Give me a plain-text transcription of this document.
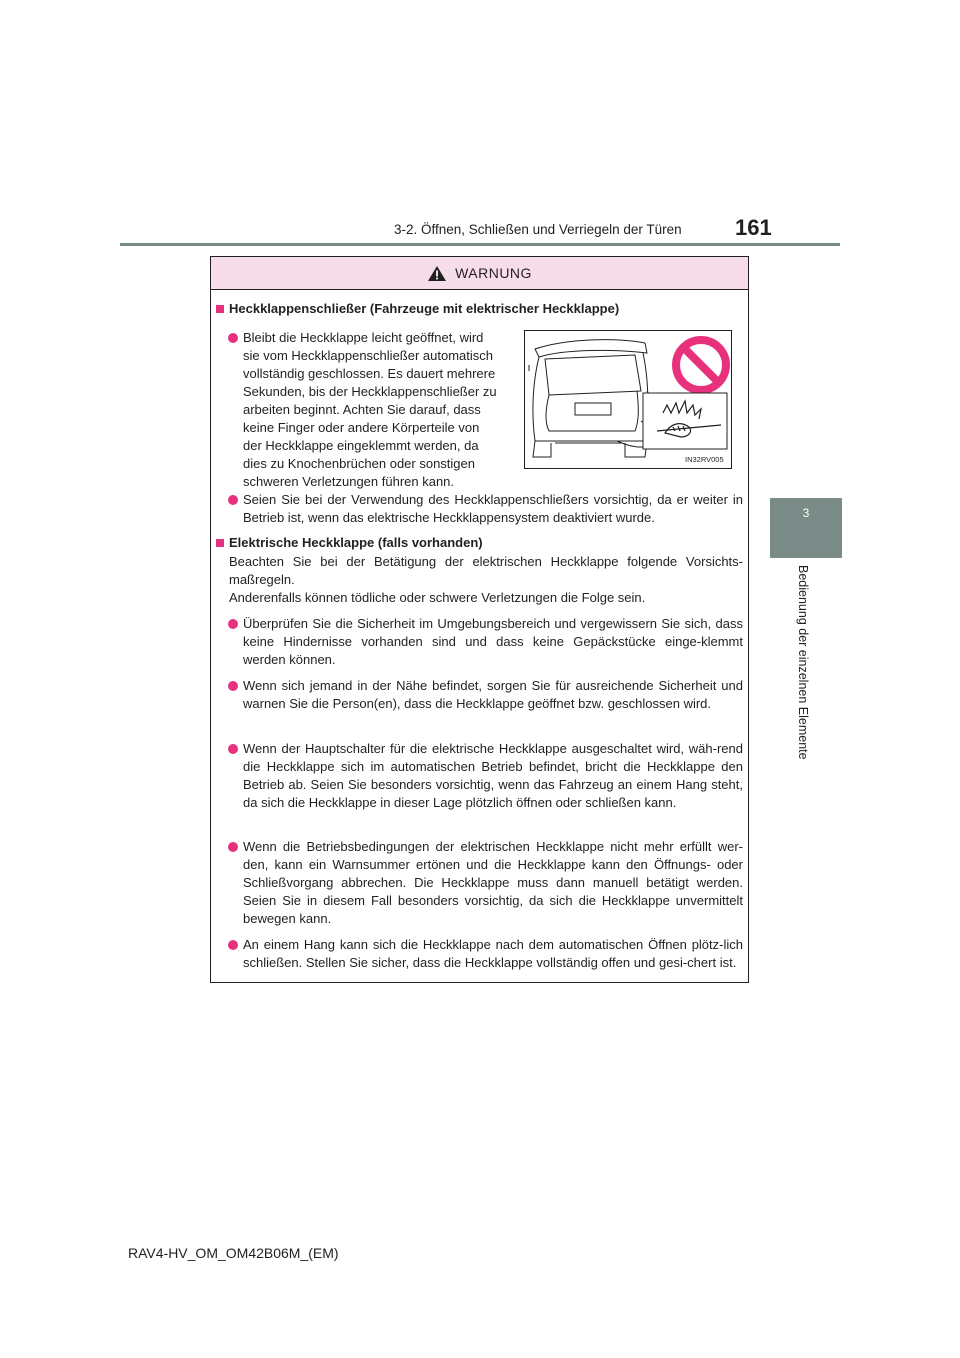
3-2. Öffnen, Schließen und Verriegeln der Türen 161
3
Bedienung der einzelnen Elemente
WARNUNG
Heckklappenschließer (Fahrzeuge mit elektrischer Heckklappe)
Bleibt die Heckklappe leicht geöffnet, wird
sie vom Heckklappenschließer automatisch
vollständig geschlossen. Es dauert mehrere
Sekunden, bis der Heckklappenschließer zu
arbeiten beginnt. Achten Sie darauf, dass
keine Finger oder andere Körperteile von
der Heckklappe eingeklemmt werden, da
dies zu Knochenbrüchen oder sonstigen
schweren Verletzungen führen kann.
IN32RV005
Seien Sie bei der Verwendung des Heckklappenschließers vorsichtig, da er weiter in Betrieb ist, wenn das elektrische Heckklappensystem deaktiviert wurde.
Elektrische Heckklappe (falls vorhanden)
Beachten Sie bei der Betätigung der elektrischen Heckklappe folgende Vorsichts-maßregeln.
Anderenfalls können tödliche oder schwere Verletzungen die Folge sein.
Überprüfen Sie die Sicherheit im Umgebungsbereich und vergewissern Sie sich, dass keine Hindernisse vorhanden sind und dass keine Gepäckstücke einge-klemmt werden können.
Wenn sich jemand in der Nähe befindet, sorgen Sie für ausreichende Sicherheit und warnen Sie die Person(en), dass die Heckklappe geöffnet bzw. geschlossen wird.
Wenn der Hauptschalter für die elektrische Heckklappe ausgeschaltet wird, wäh-rend die Heckklappe sich im automatischen Betrieb befindet, bricht die Heckklappe den Betrieb ab. Seien Sie besonders vorsichtig, wenn das Fahrzeug an einem Hang steht, da sich die Heckklappe in dieser Lage plötzlich öffnen oder schließen kann.
Wenn die Betriebsbedingungen der elektrischen Heckklappe nicht mehr erfüllt wer-den, kann ein Warnsummer ertönen und die Heckklappe kann den Öffnungs- oder Schließvorgang abbrechen. Die Heckklappe muss dann manuell betätigt werden. Seien Sie in diesem Fall besonders vorsichtig, da sich die Heckklappe unvermittelt bewegen kann.
An einem Hang kann sich die Heckklappe nach dem automatischen Öffnen plötz-lich schließen. Stellen Sie sicher, dass die Heckklappe vollständig offen und gesi-chert ist.
RAV4-HV_OM_OM42B06M_(EM)
